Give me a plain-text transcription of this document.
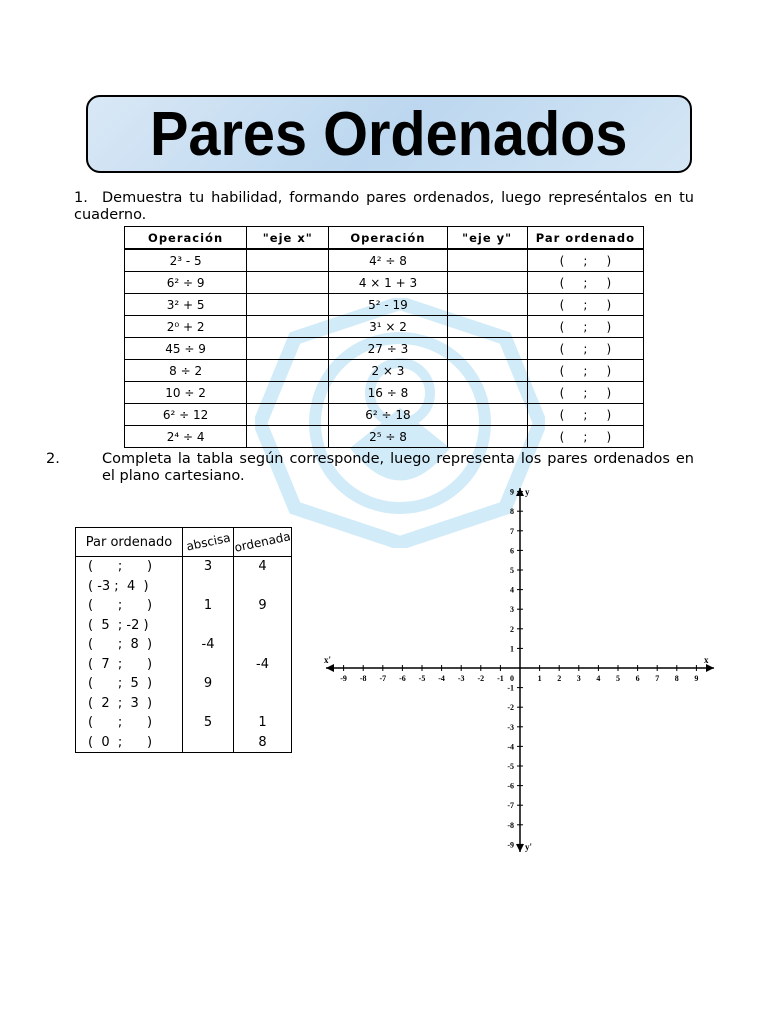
Pares Ordenados
1. Demuestra tu habilidad, formando pares ordenados, luego represéntalos en tu cuaderno.
Operación	"eje x"	Operación	"eje y"	Par ordenado
2³ - 5		4² ÷ 8		(     ;     )
6² ÷ 9		4 × 1 + 3		(     ;     )
3² + 5		5² - 19		(     ;     )
2⁰ + 2		3¹ × 2		(     ;     )
45 ÷ 9		27 ÷ 3		(     ;     )
8 ÷ 2		2 × 3		(     ;     )
10 ÷ 2		16 ÷ 8		(     ;     )
6² ÷ 12		6² ÷ 18		(     ;     )
2⁴ ÷ 4		2⁵ ÷ 8		(     ;     )
2.	Completa la tabla según corresponde, luego representa los pares ordenados en el plano cartesiano.
Par ordenado	abscisa	ordenada
(      ;      )	3	4
( -3 ;  4  )		
(      ;      )	1	9
(  5  ; -2 )		
(      ;  8  )	-4	
(  7  ;      )		-4
(      ;  5  )	9	
(  2  ;  3  )		
(      ;      )	5	1
(  0  ;      )		8
-9 -8 -7 -6 -5 -4 -3 -2 -1 0	1 2 3 4 5 6 7 8 9
9
8
7
6
5
4
3
2
1
-1
-2
-3
-4
-5
-6
-7
-8
-9
x
x'
y
y'
